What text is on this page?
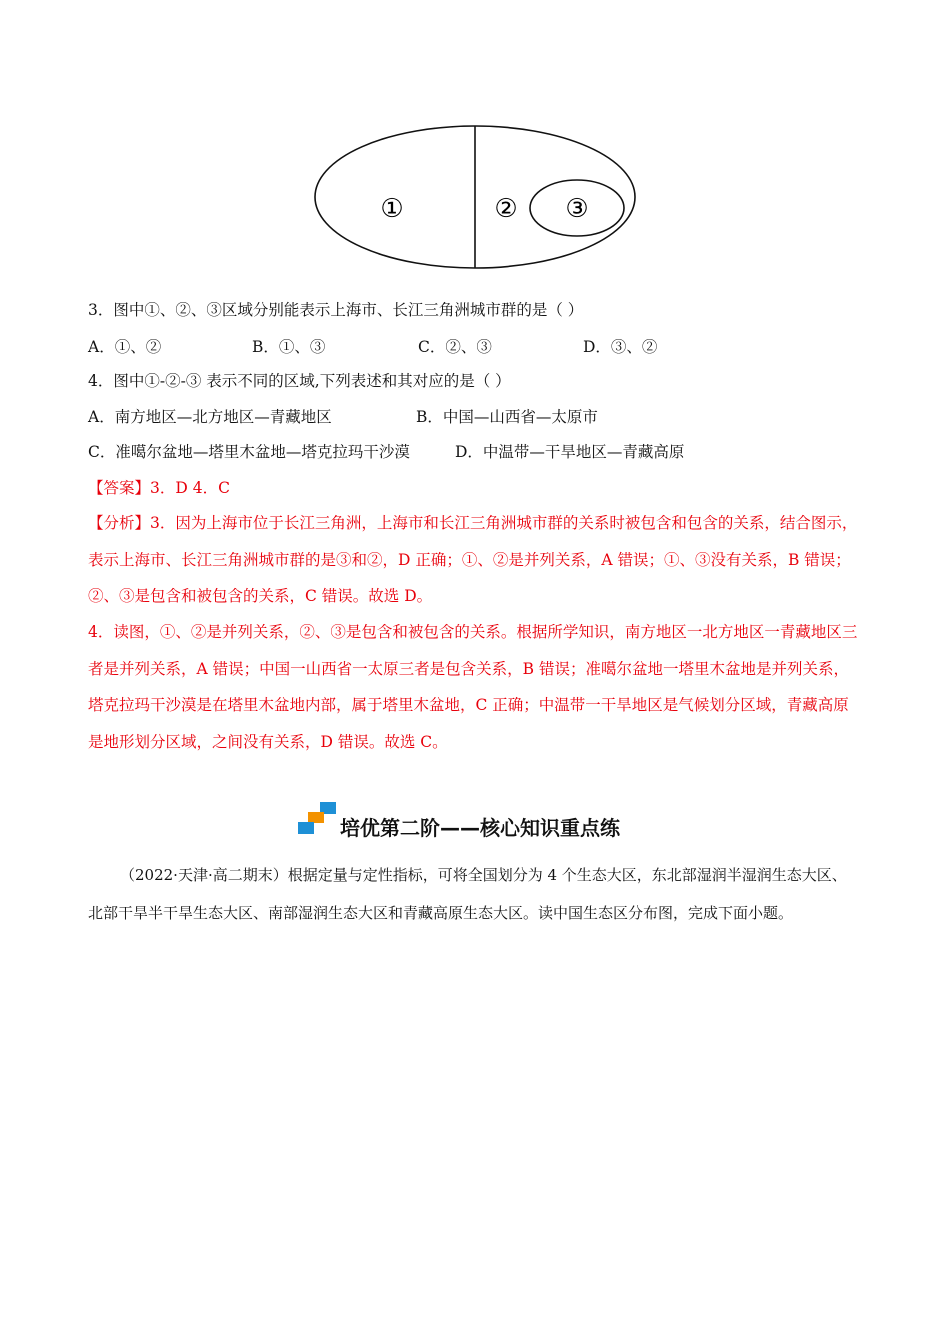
①	② ③
3．图中①、②、③区域分别能表示上海市、长江三角洲城市群的是（ ）
A．①、②	B．①、③	C．②、③	D．③、②
4．图中①-②-③ 表示不同的区域,下列表述和其对应的是（ ）
A．南方地区—北方地区—青藏地区	B．中国—山西省—太原市
C．准噶尔盆地—塔里木盆地—塔克拉玛干沙漠	D．中温带—干旱地区—青藏高原
【答案】3．D 4．C
【分析】3．因为上海市位于长江三角洲，上海市和长江三角洲城市群的关系时被包含和包含的关系，结合图示，表示上海市、长江三角洲城市群的是③和②，D 正确；①、②是并列关系，A 错误；①、③没有关系，B 错误；②、③是包含和被包含的关系，C 错误。故选 D。
4．读图，①、②是并列关系，②、③是包含和被包含的关系。根据所学知识，南方地区一北方地区一青藏地区三者是并列关系，A 错误；中国一山西省一太原三者是包含关系，B 错误；准噶尔盆地一塔里木盆地是并列关系，塔克拉玛干沙漠是在塔里木盆地内部，属于塔里木盆地，C 正确；中温带一干旱地区是气候划分区域，青藏高原是地形划分区域，之间没有关系，D 错误。故选 C。
培优第二阶——核心知识重点练
（2022·天津·高二期末）根据定量与定性指标，可将全国划分为 4 个生态大区，东北部湿润半湿润生态大区、北部干旱半干旱生态大区、南部湿润生态大区和青藏高原生态大区。读中国生态区分布图，完成下面小题。
